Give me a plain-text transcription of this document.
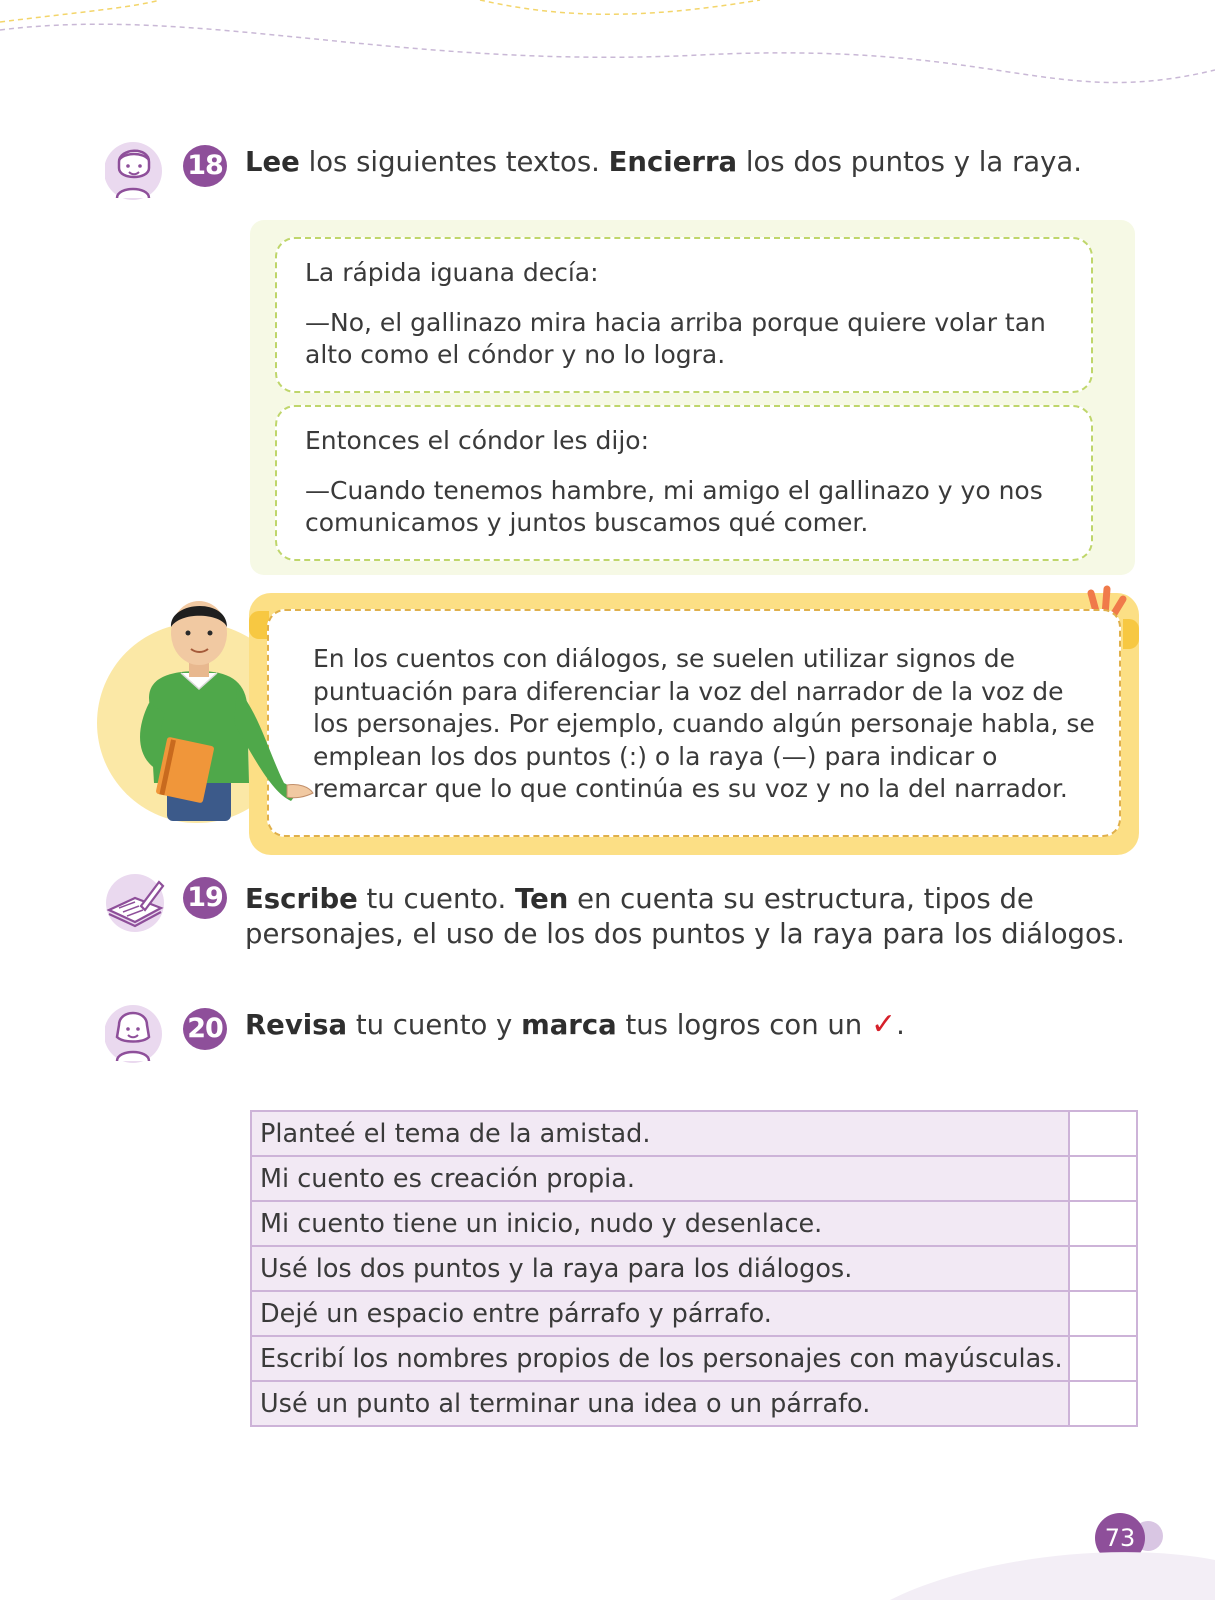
18 Lee los siguientes textos. Encierra los dos puntos y la raya.

La rápida iguana decía:

—No, el gallinazo mira hacia arriba porque quiere volar tan alto como el cóndor y no lo logra.

Entonces el cóndor les dijo:

—Cuando tenemos hambre, mi amigo el gallinazo y yo nos comunicamos y juntos buscamos qué comer.

En los cuentos con diálogos, se suelen utilizar signos de puntuación para diferenciar la voz del narrador de la voz de los personajes. Por ejemplo, cuando algún personaje habla, se emplean los dos puntos (:) o la raya (—) para indicar o remarcar que lo que continúa es su voz y no la del narrador.
19 Escribe tu cuento. Ten en cuenta su estructura, tipos de personajes, el uso de los dos puntos y la raya para los diálogos.
20 Revisa tu cuento y marca tus logros con un ✓.
Planteé el tema de la amistad.	
Mi cuento es creación propia.	
Mi cuento tiene un inicio, nudo y desenlace.	
Usé los dos puntos y la raya para los diálogos.	
Dejé un espacio entre párrafo y párrafo.	
Escribí los nombres propios de los personajes con mayúsculas.	
Usé un punto al terminar una idea o un párrafo.	
73
